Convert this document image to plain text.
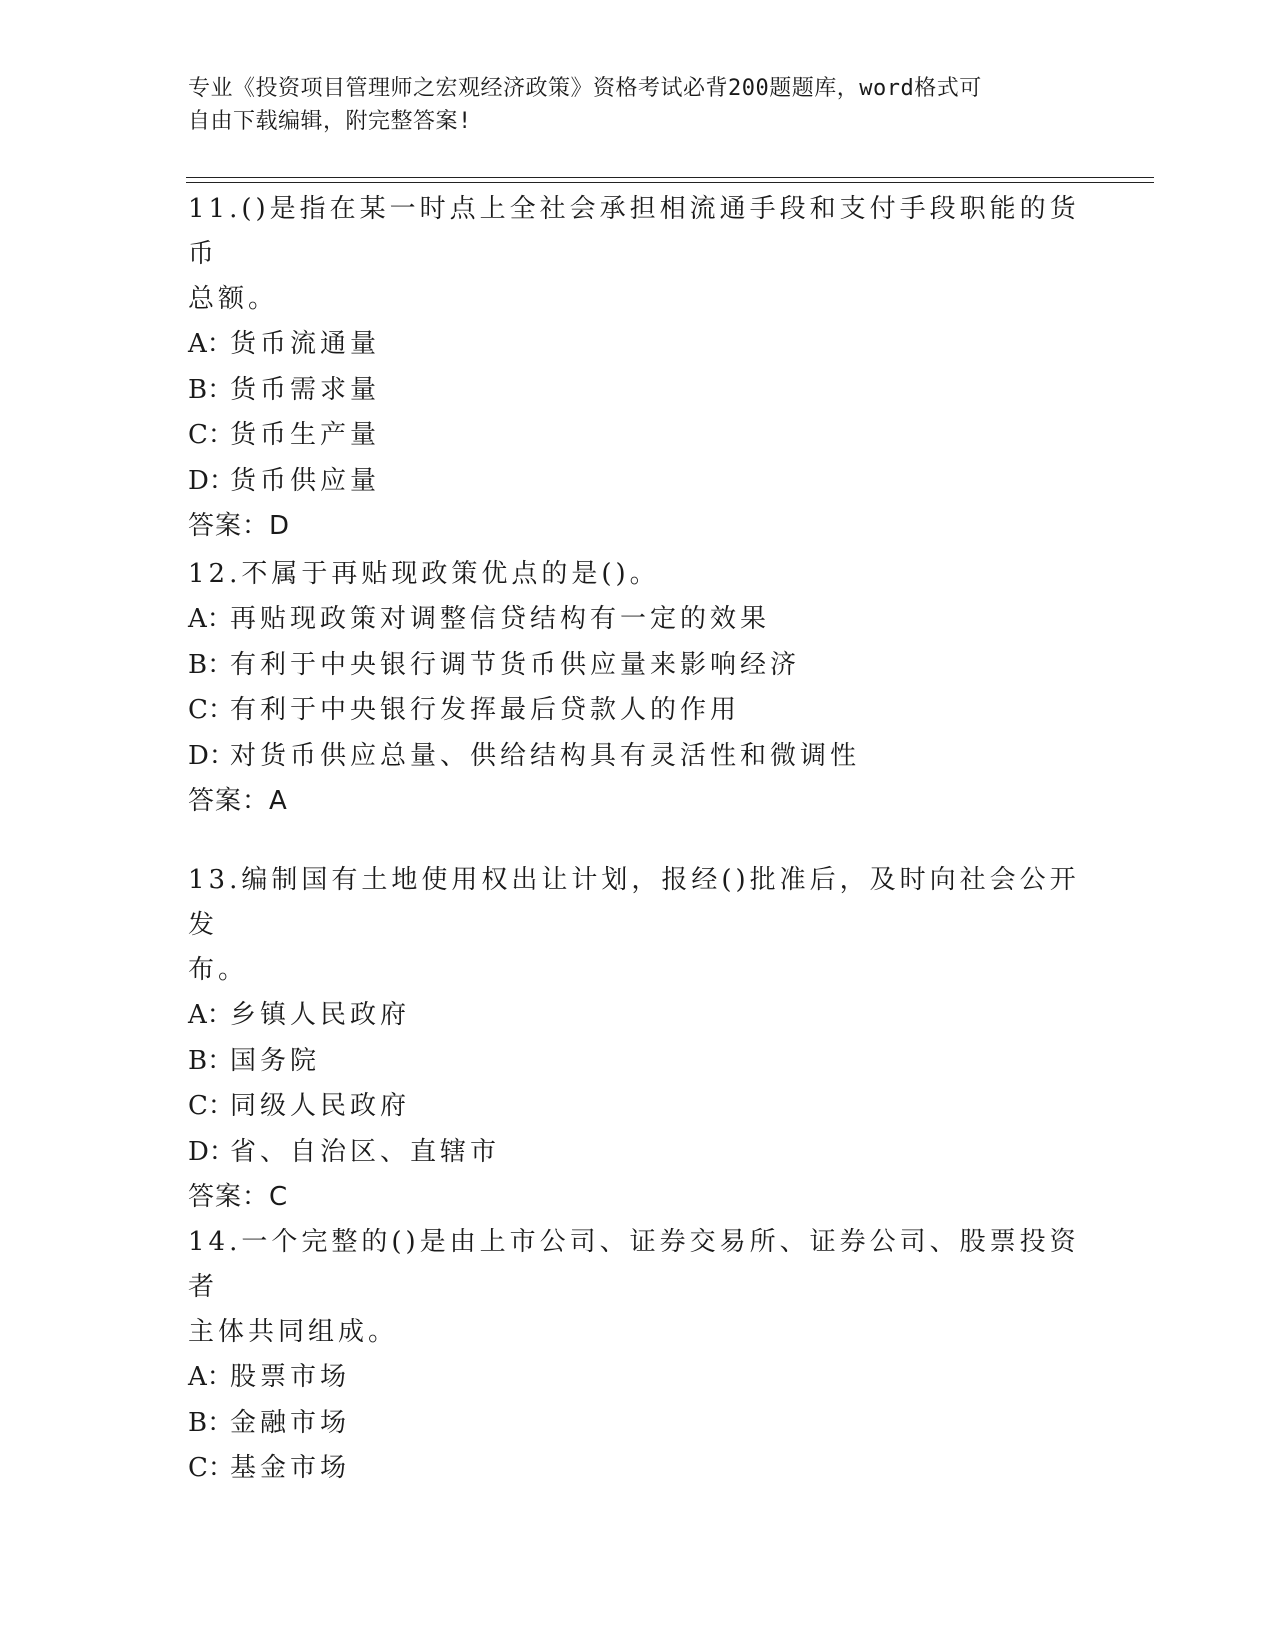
专业《投资项目管理师之宏观经济政策》资格考试必背200题题库，word格式可
自由下载编辑，附完整答案!
11.()是指在某一时点上全社会承担相流通手段和支付手段职能的货币
总额。
A：货币流通量
B：货币需求量
C：货币生产量
D：货币供应量
答案：D
12.不属于再贴现政策优点的是()。
A：再贴现政策对调整信贷结构有一定的效果
B：有利于中央银行调节货币供应量来影响经济
C：有利于中央银行发挥最后贷款人的作用
D：对货币供应总量、供给结构具有灵活性和微调性
答案：A
13.编制国有土地使用权出让计划，报经()批准后，及时向社会公开发
布。
A：乡镇人民政府
B：国务院
C：同级人民政府
D：省、自治区、直辖市
答案：C
14.一个完整的()是由上市公司、证券交易所、证券公司、股票投资者
主体共同组成。
A：股票市场
B：金融市场
C：基金市场
